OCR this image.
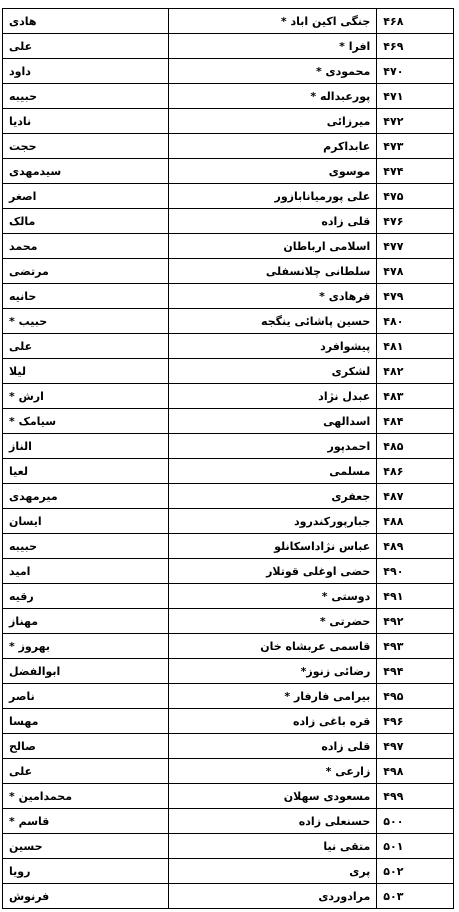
هادی	جنگی اکین اباد *	۴۶۸
علی	افرا *	۴۶۹
داود	محمودی *	۴۷۰
حبیبه	پورعبداله *	۴۷۱
نادیا	میرزائی	۴۷۲
حجت	عابداکرم	۴۷۳
سیدمهدی	موسوی	۴۷۴
اصغر	علی پورمیانابازور	۴۷۵
مالک	قلی زاده	۴۷۶
محمد	اسلامی ارباطان	۴۷۷
مرتضی	سلطانی چلانسفلی	۴۷۸
حانیه	فرهادی *	۴۷۹
حبیب *	حسین پاشائی ینگجه	۴۸۰
علی	پیشوافرد	۴۸۱
لیلا	لشکری	۴۸۲
ارش *	عبدل نژاد	۴۸۳
سیامک *	اسدالهی	۴۸۴
الناز	احمدپور	۴۸۵
لعیا	مسلمی	۴۸۶
میرمهدی	جعفری	۴۸۷
ایسان	جبارپورکندرود	۴۸۸
حبیبه	عباس نژاداسکانلو	۴۸۹
امید	حضی اوغلی قوتلار	۴۹۰
رقیه	دوستی *	۴۹۱
مهناز	حضرتی *	۴۹۲
بهروز *	قاسمی عربشاه خان	۴۹۳
ابوالفضل	رضائی زنوز*	۴۹۴
ناصر	بیرامی فارفار *	۴۹۵
مهسا	قره باغی زاده	۴۹۶
صالح	قلی زاده	۴۹۷
علی	زارعی *	۴۹۸
محمدامین *	مسعودی سهلان	۴۹۹
قاسم *	حسنعلی زاده	۵۰۰
حسین	متقی نیا	۵۰۱
رویا	پری	۵۰۲
فرنوش	مرادوردی	۵۰۳
